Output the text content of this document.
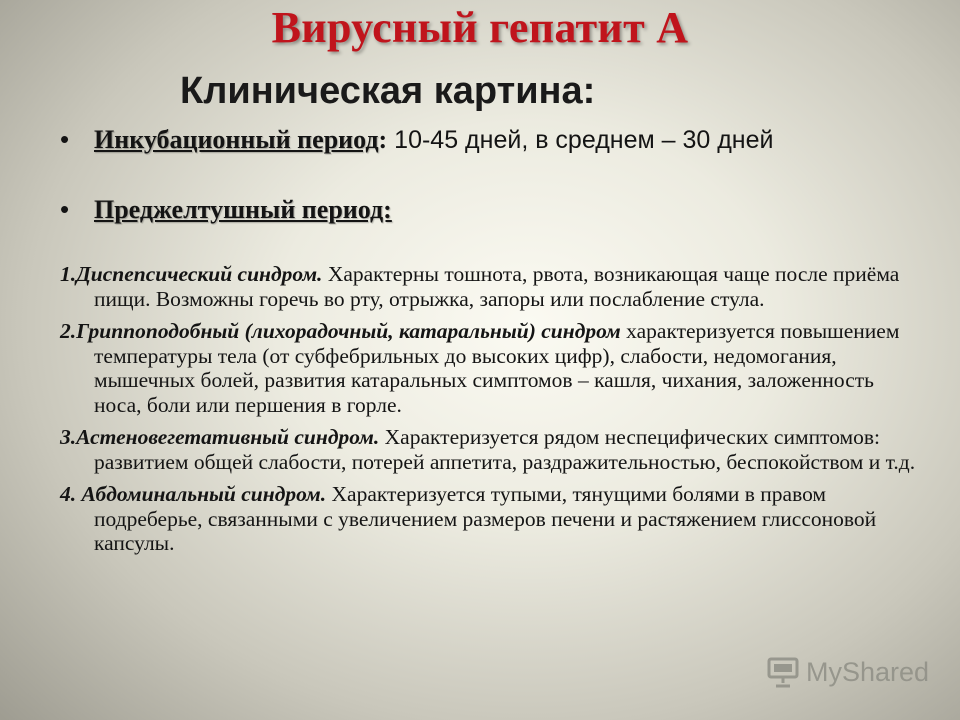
Вирусный гепатит А
Клиническая картина:
• Инкубационный период: 10-45 дней, в среднем – 30 дней
• Преджелтушный период:

1.Диспепсический синдром. Характерны тошнота, рвота, возникающая чаще после приёма пищи. Возможны горечь во рту, отрыжка, запоры или послабление стула.

2.Гриппоподобный (лихорадочный, катаральный) синдром характеризуется повышением температуры тела (от субфебрильных до высоких цифр), слабости, недомогания, мышечных болей, развития катаральных симптомов – кашля, чихания, заложенность носа, боли или першения в горле.

3.Астеновегетативный синдром. Характеризуется рядом неспецифических симптомов: развитием общей слабости, потерей аппетита, раздражительностью, беспокойством и т.д.

4. Абдоминальный синдром. Характеризуется тупыми, тянущими болями в правом подреберье, связанными с увеличением размеров печени и растяжением глиссоновой капсулы.

MyShared
